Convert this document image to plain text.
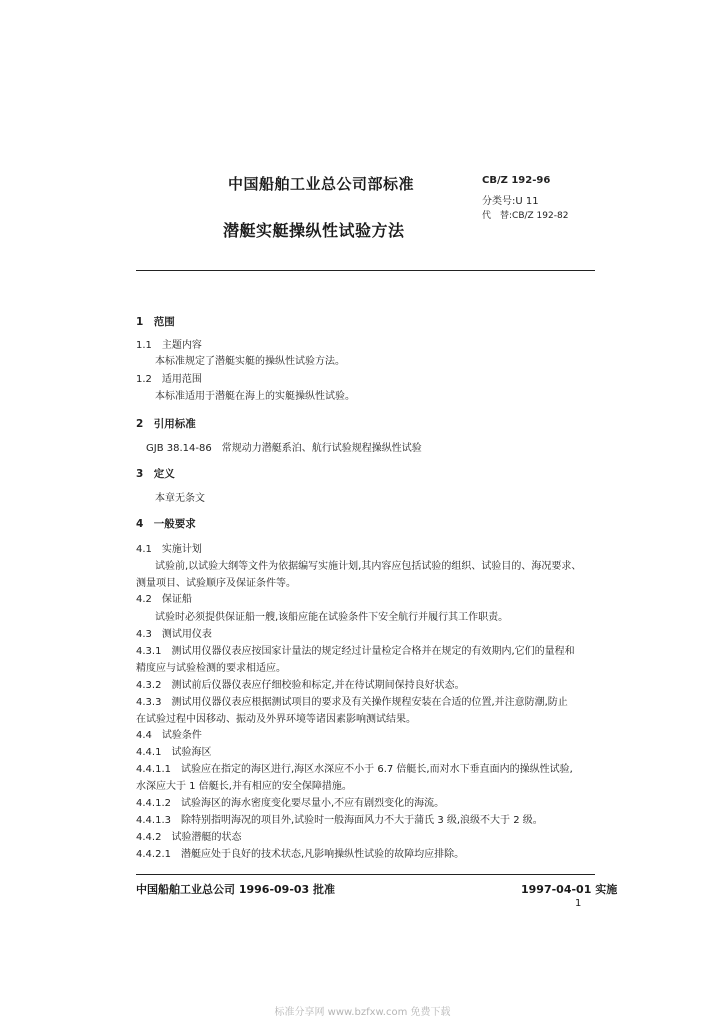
中国船舶工业总公司部标准
潜艇实艇操纵性试验方法
CB/Z 192-96
分类号:U 11
代　替:CB/Z 192-82
1　范围
1.1　主题内容
本标准规定了潜艇实艇的操纵性试验方法。
1.2　适用范围
本标准适用于潜艇在海上的实艇操纵性试验。
2　引用标准
GJB 38.14-86　常规动力潜艇系泊、航行试验规程操纵性试验
3　定义
本章无条文
4　一般要求
4.1　实施计划
试验前,以试验大纲等文件为依据编写实施计划,其内容应包括试验的组织、试验目的、海况要求、
测量项目、试验顺序及保证条件等。
4.2　保证船
试验时必须提供保证船一艘,该船应能在试验条件下安全航行并履行其工作职责。
4.3　测试用仪表
4.3.1　测试用仪器仪表应按国家计量法的规定经过计量检定合格并在规定的有效期内,它们的量程和
精度应与试验检测的要求相适应。
4.3.2　测试前后仪器仪表应仔细校验和标定,并在待试期间保持良好状态。
4.3.3　测试用仪器仪表应根据测试项目的要求及有关操作规程安装在合适的位置,并注意防潮,防止
在试验过程中因移动、振动及外界环境等诸因素影响测试结果。
4.4　试验条件
4.4.1　试验海区
4.4.1.1　试验应在指定的海区进行,海区水深应不小于 6.7 倍艇长,而对水下垂直面内的操纵性试验,
水深应大于 1 倍艇长,并有相应的安全保障措施。
4.4.1.2　试验海区的海水密度变化要尽量小,不应有剧烈变化的海流。
4.4.1.3　除特别指明海况的项目外,试验时一般海面风力不大于蒲氏 3 级,浪级不大于 2 级。
4.4.2　试验潜艇的状态
4.4.2.1　潜艇应处于良好的技术状态,凡影响操纵性试验的故障均应排除。
中国船舶工业总公司 1996-09-03 批准	1997-04-01 实施
1
标准分享网 www.bzfxw.com 免费下载
